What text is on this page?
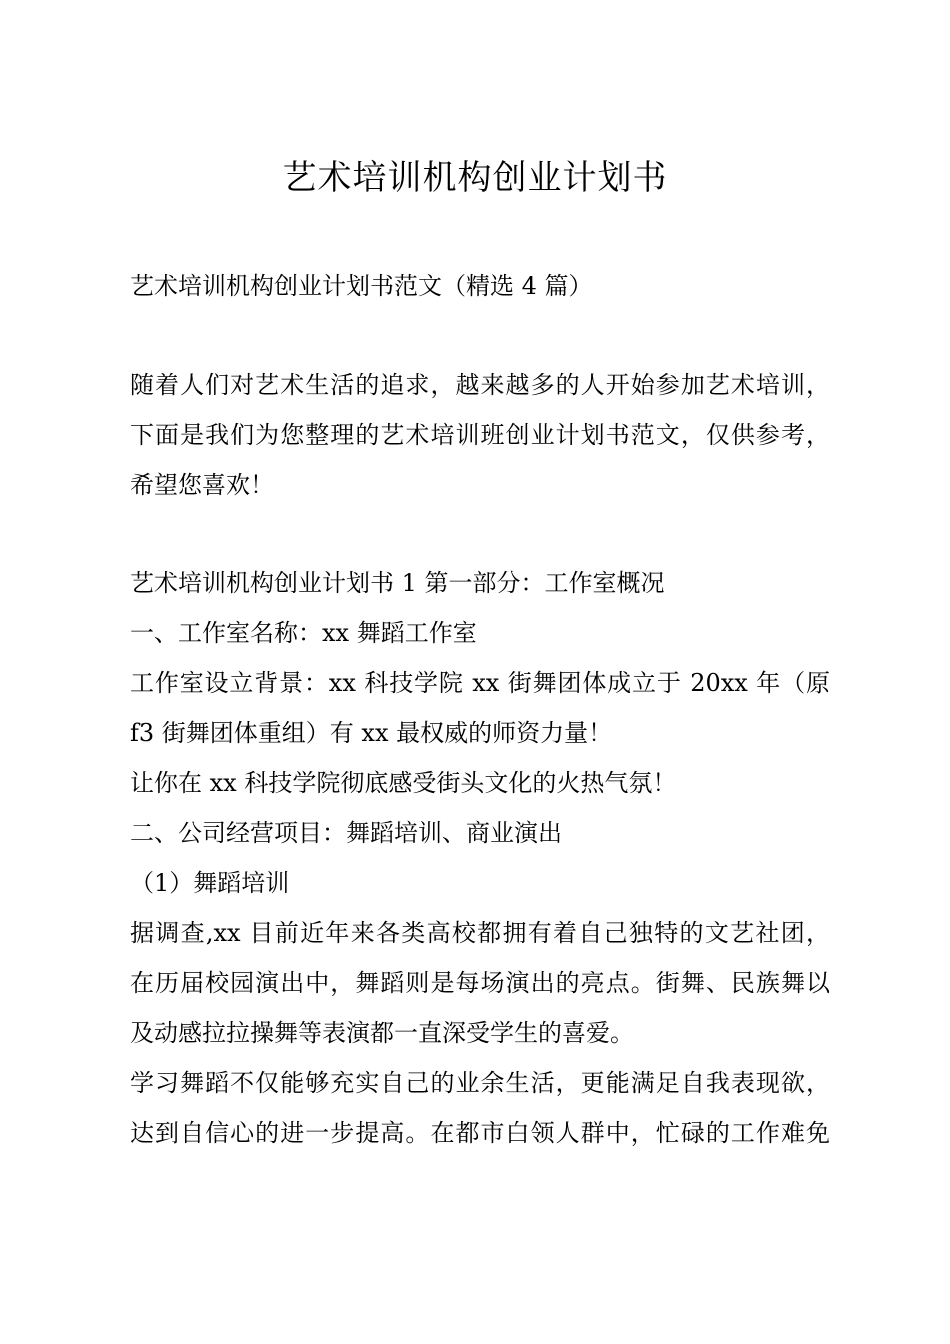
艺术培训机构创业计划书
艺术培训机构创业计划书范文（精选 4 篇）
随着人们对艺术生活的追求，越来越多的人开始参加艺术培训，
下面是我们为您整理的艺术培训班创业计划书范文，仅供参考，
希望您喜欢！
艺术培训机构创业计划书 1 第一部分：工作室概况
一、工作室名称：xx 舞蹈工作室
工作室设立背景：xx 科技学院 xx 街舞团体成立于 20xx 年（原
f3 街舞团体重组）有 xx 最权威的师资力量！
让你在 xx 科技学院彻底感受街头文化的火热气氛！
二、公司经营项目：舞蹈培训、商业演出
（1）舞蹈培训
据调查,xx 目前近年来各类高校都拥有着自己独特的文艺社团，
在历届校园演出中，舞蹈则是每场演出的亮点。街舞、民族舞以
及动感拉拉操舞等表演都一直深受学生的喜爱。
学习舞蹈不仅能够充实自己的业余生活，更能满足自我表现欲，
达到自信心的进一步提高。在都市白领人群中，忙碌的工作难免
